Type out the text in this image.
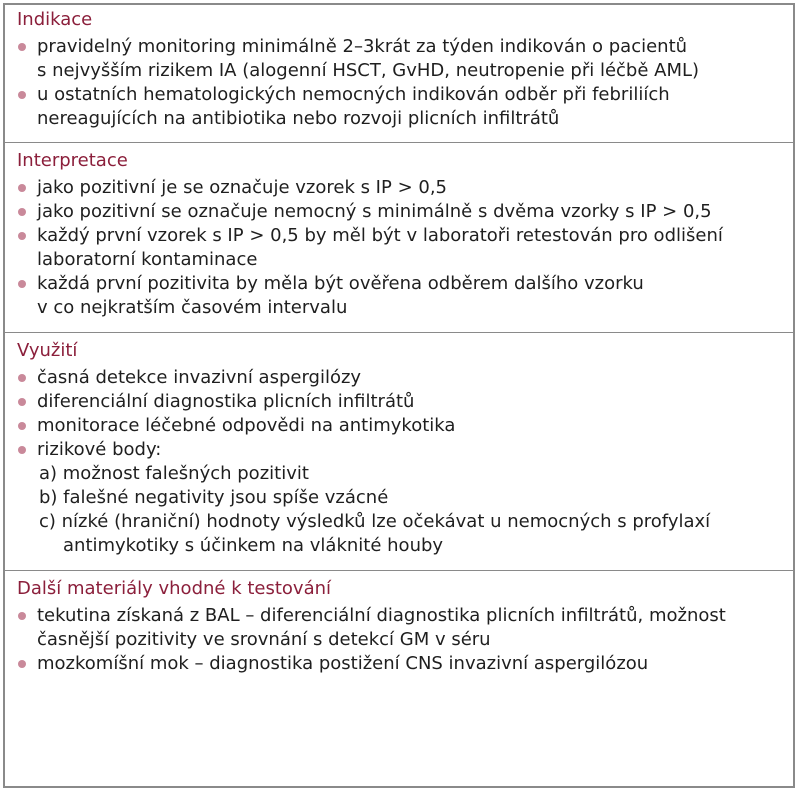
Indikace
pravidelný monitoring minimálně 2–3krát za týden indikován o pacientů
s nejvyšším rizikem IA (alogenní HSCT, GvHD, neutropenie při léčbě AML)
u ostatních hematologických nemocných indikován odběr při febriliích
nereagujících na antibiotika nebo rozvoji plicních infiltrátů
Interpretace
jako pozitivní je se označuje vzorek s IP > 0,5
jako pozitivní se označuje nemocný s minimálně s dvěma vzorky s IP > 0,5
každý první vzorek s IP > 0,5 by měl být v laboratoři retestován pro odlišení
laboratorní kontaminace
každá první pozitivita by měla být ověřena odběrem dalšího vzorku
v co nejkratším časovém intervalu
Využití
časná detekce invazivní aspergilózy
diferenciální diagnostika plicních infiltrátů
monitorace léčebné odpovědi na antimykotika
rizikové body:
a) možnost falešných pozitivit
b) falešné negativity jsou spíše vzácné
c) nízké (hraniční) hodnoty výsledků lze očekávat u nemocných s profylaxí
antimykotiky s účinkem na vláknité houby
Další materiály vhodné k testování
tekutina získaná z BAL – diferenciální diagnostika plicních infiltrátů, možnost
časnější pozitivity ve srovnání s detekcí GM v séru
mozkomíšní mok – diagnostika postižení CNS invazivní aspergilózou
